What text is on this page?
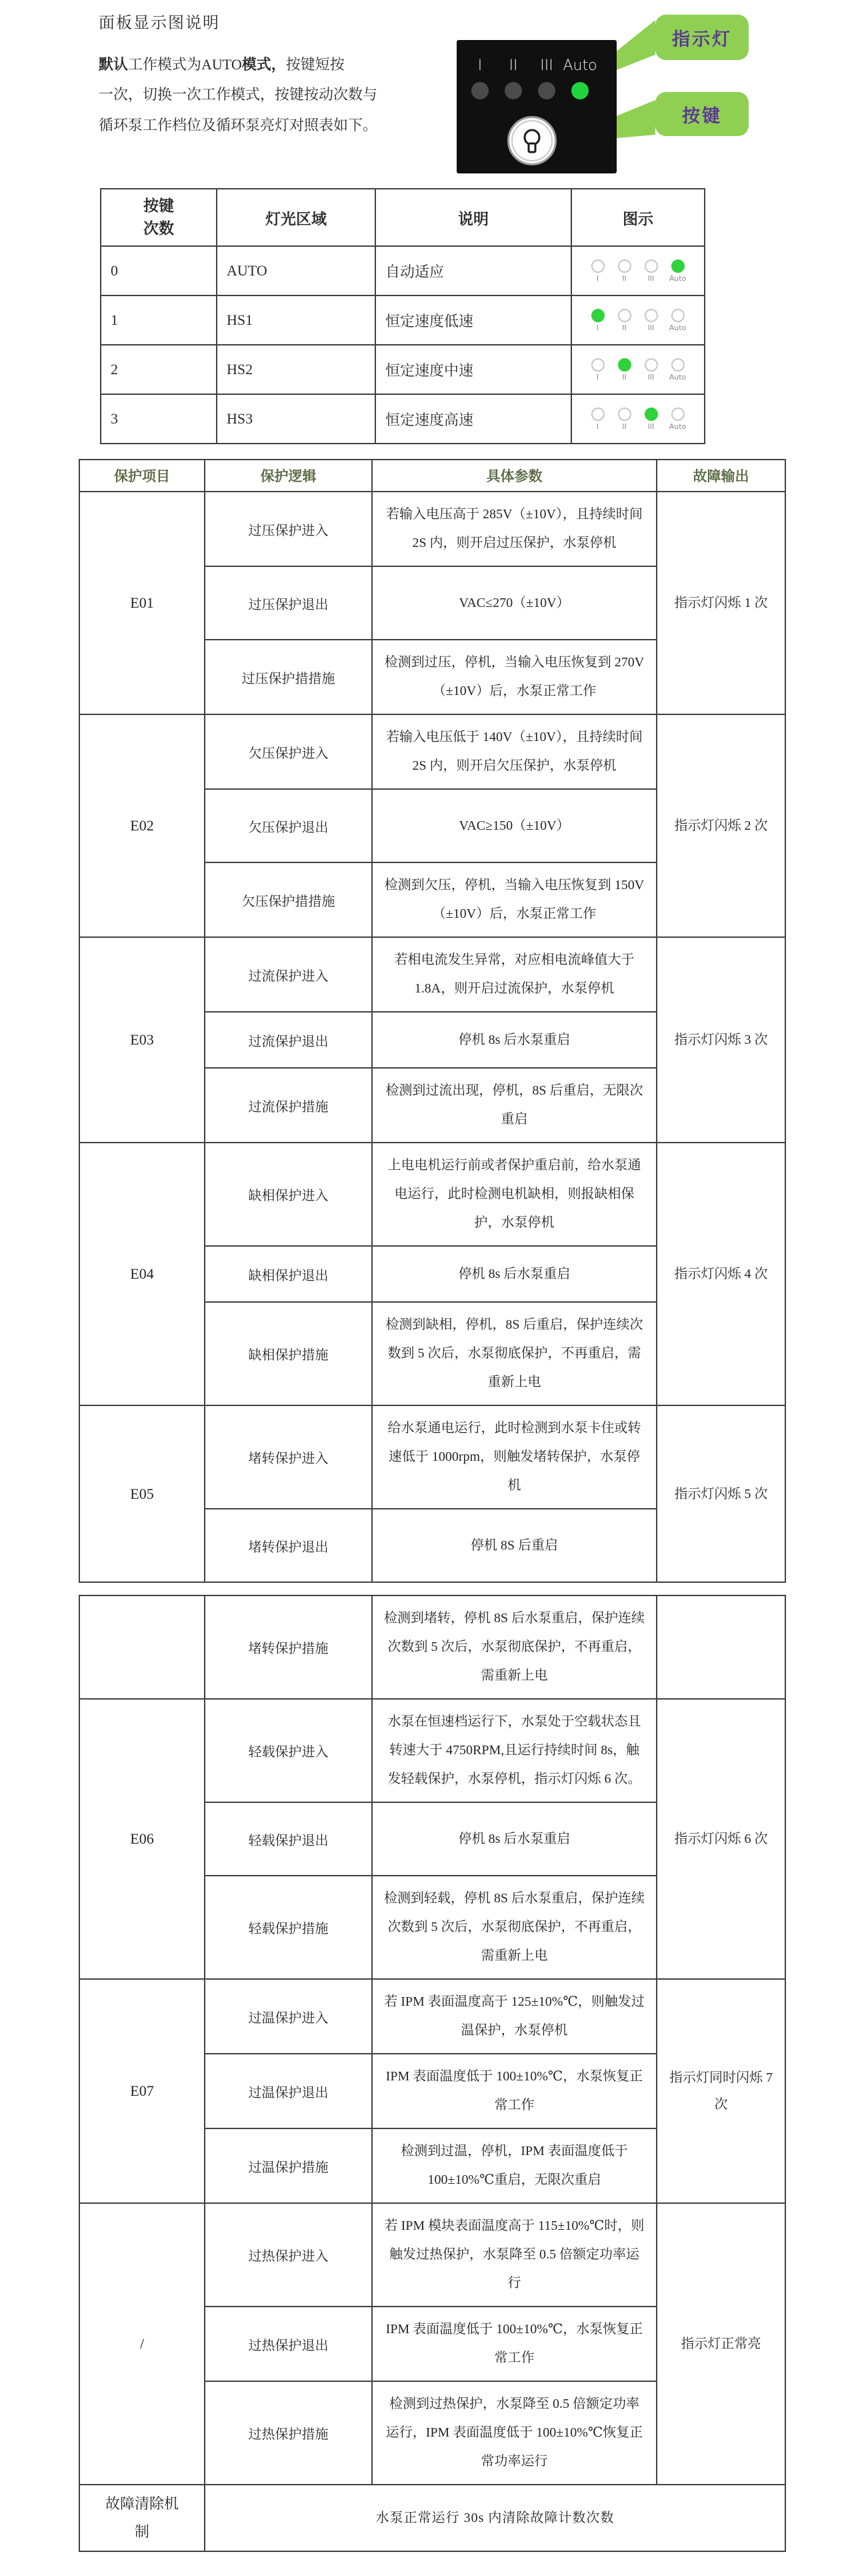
面板显示图说明
默认工作模式为AUTO模式，按键短按
一次，切换一次工作模式，按键按动次数与
循环泵工作档位及循环泵亮灯对照表如下。
I	II	III Auto
指示灯
按键
按键次数	灯光区域	说明	图示
0	AUTO	自动适应	I II III Auto

1	HS1	恒定速度低速	I II III Auto

2	HS2	恒定速度中速	I II III Auto

3	HS3	恒定速度高速	I II III Auto
保护项目	保护逻辑	具体参数	故障输出
E01	过压保护进入	若输入电压高于 285V（±10V），且持续时间 2S 内，则开启过压保护，水泵停机	指示灯闪烁 1 次
	过压保护退出	VAC≤270（±10V）	
	过压保护措措施	检测到过压，停机，当输入电压恢复到 270V（±10V）后，水泵正常工作	
E02	欠压保护进入	若输入电压低于 140V（±10V），且持续时间 2S 内，则开启欠压保护，水泵停机	指示灯闪烁 2 次
	欠压保护退出	VAC≥150（±10V）	
	欠压保护措措施	检测到欠压，停机，当输入电压恢复到 150V（±10V）后，水泵正常工作	
E03	过流保护进入	若相电流发生异常，对应相电流峰值大于 1.8A，则开启过流保护，水泵停机	指示灯闪烁 3 次
	过流保护退出	停机 8s 后水泵重启	
	过流保护措施	检测到过流出现，停机，8S 后重启，无限次重启	
E04	缺相保护进入	上电电机运行前或者保护重启前，给水泵通电运行，此时检测电机缺相，则报缺相保护，水泵停机	指示灯闪烁 4 次
	缺相保护退出	停机 8s 后水泵重启	
	缺相保护措施	检测到缺相，停机，8S 后重启，保护连续次数到 5 次后，水泵彻底保护，不再重启，需重新上电	
E05	堵转保护进入	给水泵通电运行，此时检测到水泵卡住或转速低于 1000rpm，则触发堵转保护，水泵停机	指示灯闪烁 5 次
	堵转保护退出	停机 8S 后重启	
	堵转保护措施	检测到堵转，停机 8S 后水泵重启，保护连续次数到 5 次后，水泵彻底保护，不再重启，需重新上电	
E06	轻载保护进入	水泵在恒速档运行下，水泵处于空载状态且转速大于 4750RPM,且运行持续时间 8s，触发轻载保护，水泵停机，指示灯闪烁 6 次。	指示灯闪烁 6 次
	轻载保护退出	停机 8s 后水泵重启	
	轻载保护措施	检测到轻载，停机 8S 后水泵重启，保护连续次数到 5 次后，水泵彻底保护，不再重启，需重新上电	
E07	过温保护进入	若 IPM 表面温度高于 125±10%℃，则触发过温保护，水泵停机	指示灯同时闪烁 7 次
	过温保护退出	IPM 表面温度低于 100±10%℃，水泵恢复正常工作	
	过温保护措施	检测到过温，停机，IPM 表面温度低于 100±10%℃重启，无限次重启	
/	过热保护进入	若 IPM 模块表面温度高于 115±10%℃时，则触发过热保护，水泵降至 0.5 倍额定功率运行	指示灯正常亮
	过热保护退出	IPM 表面温度低于 100±10%℃，水泵恢复正常工作	
	过热保护措施	检测到过热保护，水泵降至 0.5 倍额定功率运行，IPM 表面温度低于 100±10%℃恢复正常功率运行	
故障清除机制	水泵正常运行 30s 内清除故障计数次数		
